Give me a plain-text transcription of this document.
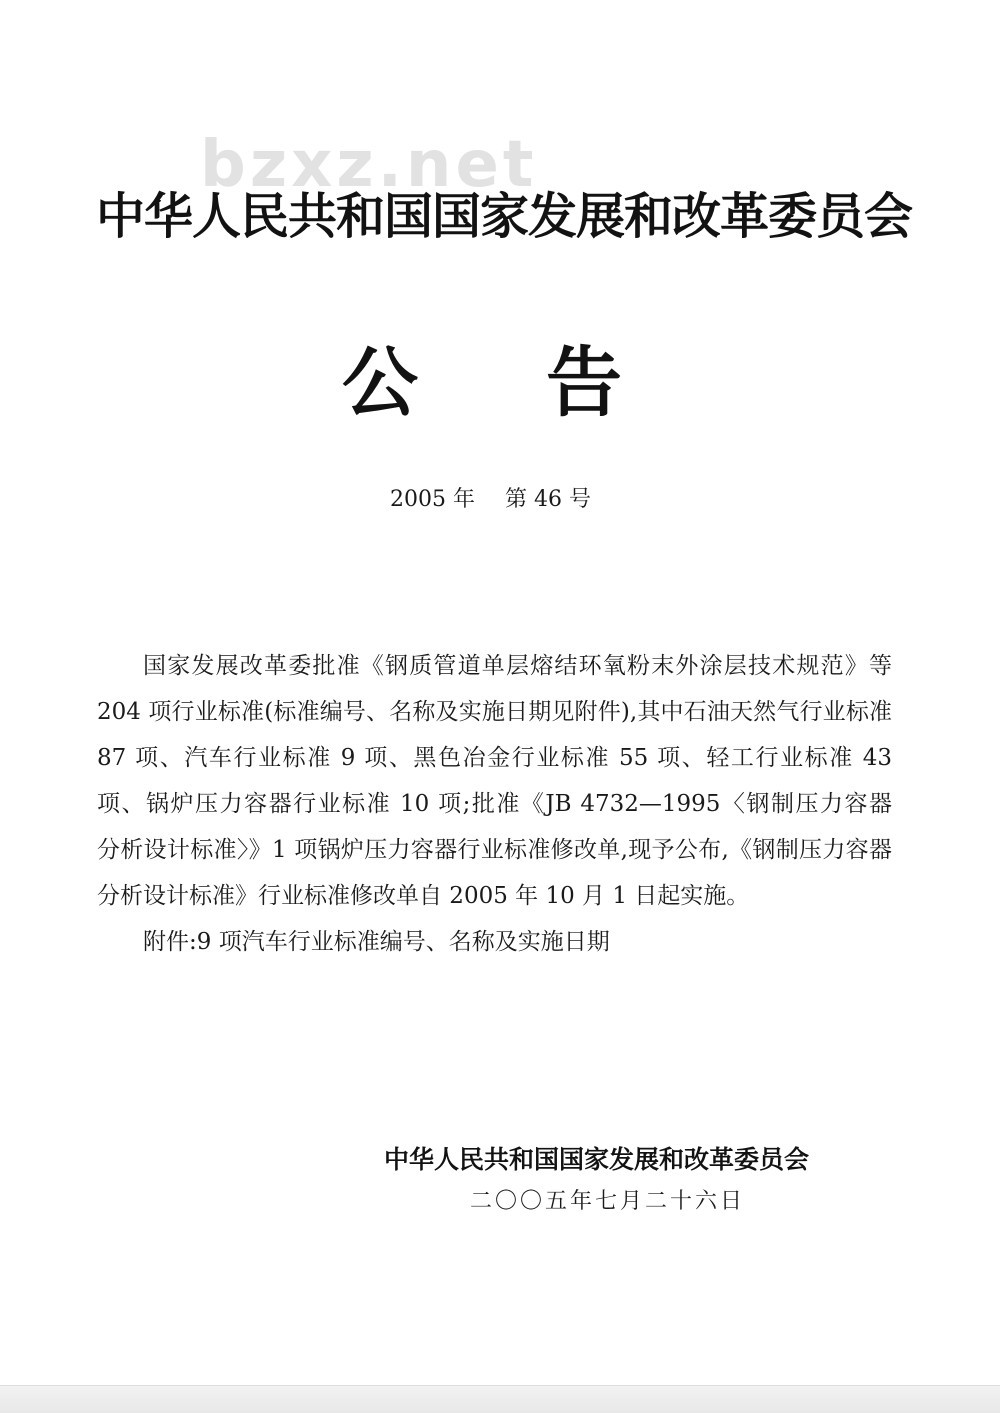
bzxz.net
中华人民共和国国家发展和改革委员会
公告
2005 年 第 46 号

国家发展改革委批准《钢质管道单层熔结环氧粉末外涂层技术规范》等 204 项行业标准(标准编号、名称及实施日期见附件),其中石油天然气行业标准 87 项、汽车行业标准 9 项、黑色冶金行业标准 55 项、轻工行业标准 43 项、锅炉压力容器行业标准 10 项;批准《JB 4732—1995〈钢制压力容器　分析设计标准〉》1 项锅炉压力容器行业标准修改单,现予公布,《钢制压力容器　分析设计标准》行业标准修改单自 2005 年 10 月 1 日起实施。

附件:9 项汽车行业标准编号、名称及实施日期

中华人民共和国国家发展和改革委员会
二〇〇五年七月二十六日
